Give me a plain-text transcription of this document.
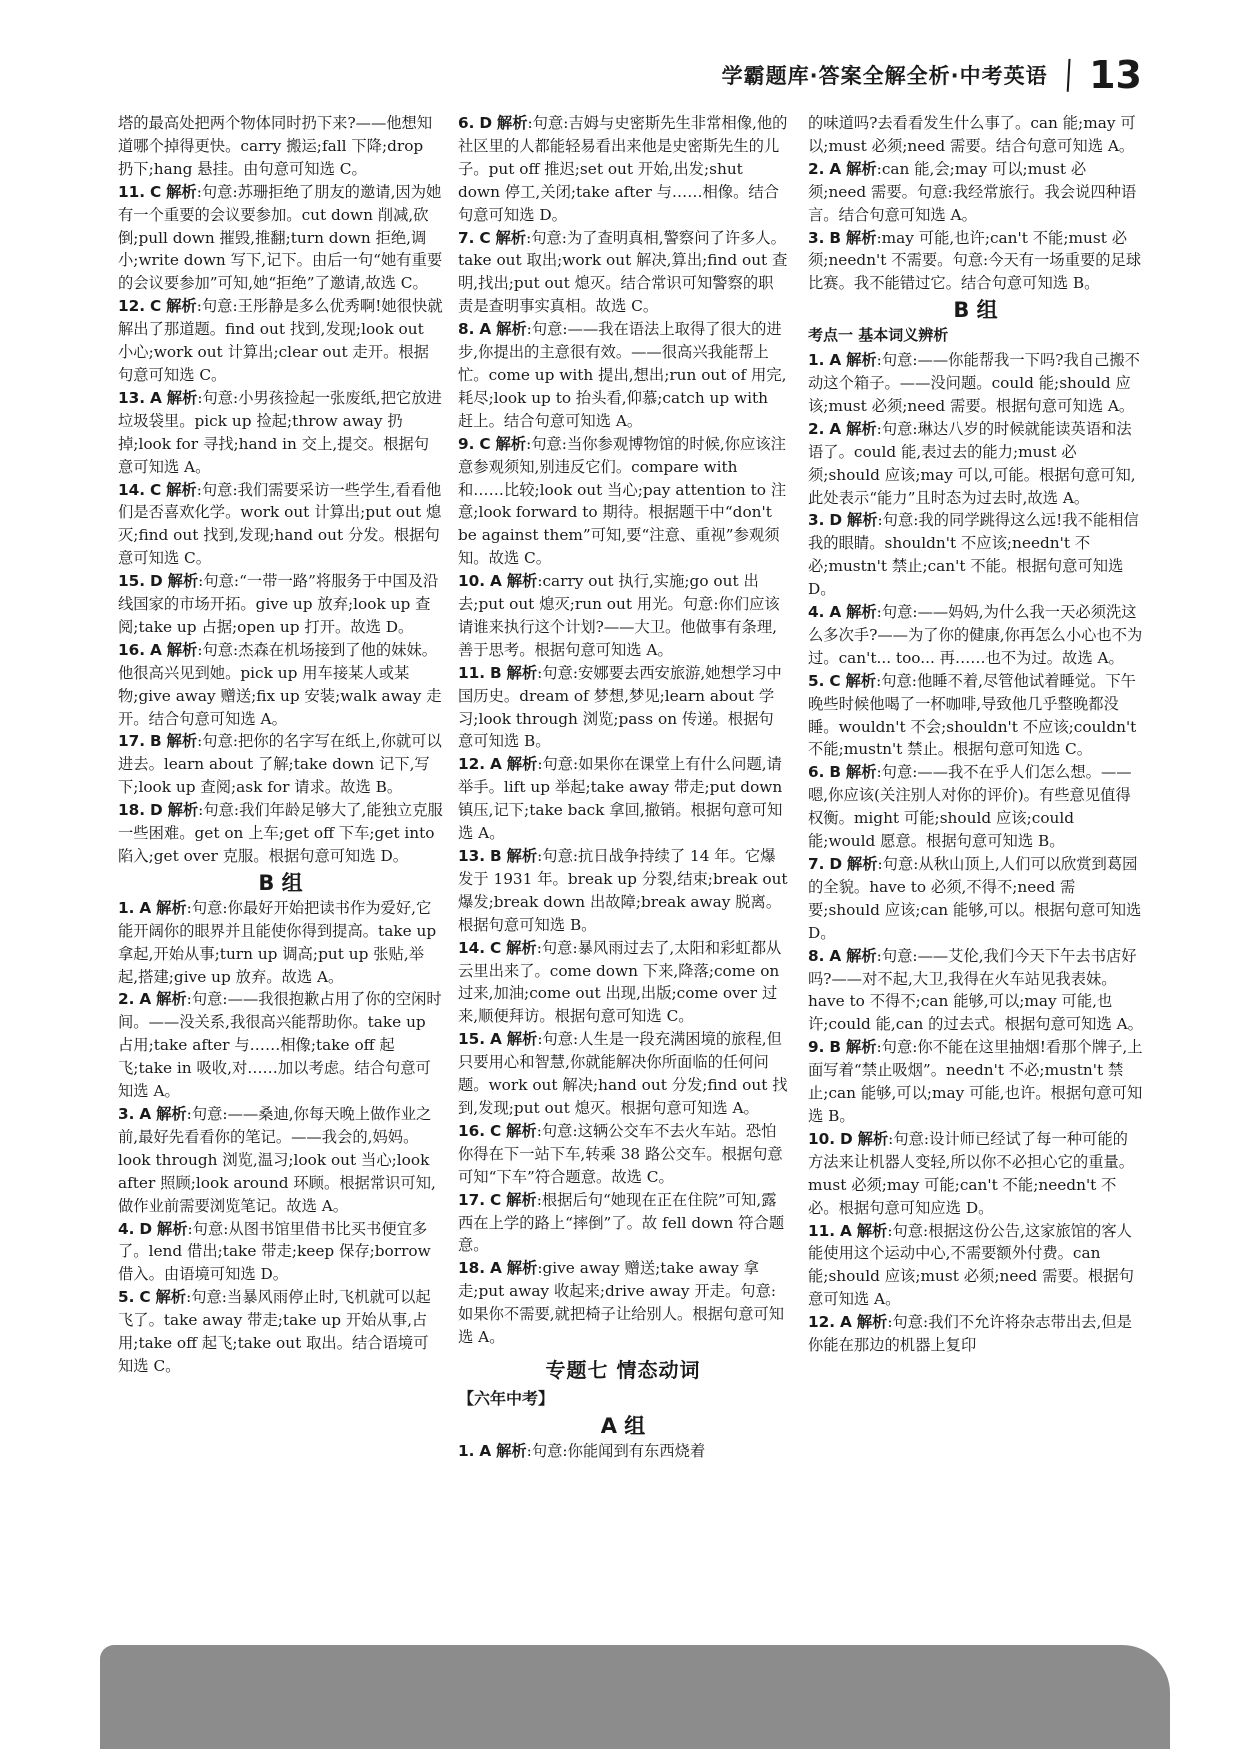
学霸题库·答案全解全析·中考英语 \ 13
塔的最高处把两个物体同时扔下来?——他想知道哪个掉得更快。carry 搬运;fall 下降;drop 扔下;hang 悬挂。由句意可知选 C。
11. C 解析:句意:苏珊拒绝了朋友的邀请,因为她有一个重要的会议要参加。cut down 削减,砍倒;pull down 摧毁,推翻;turn down 拒绝,调小;write down 写下,记下。由后一句“她有重要的会议要参加”可知,她“拒绝”了邀请,故选 C。
12. C 解析:句意:王彤静是多么优秀啊!她很快就解出了那道题。find out 找到,发现;look out 小心;work out 计算出;clear out 走开。根据句意可知选 C。
13. A 解析:句意:小男孩捡起一张废纸,把它放进垃圾袋里。pick up 捡起;throw away 扔掉;look for 寻找;hand in 交上,提交。根据句意可知选 A。
14. C 解析:句意:我们需要采访一些学生,看看他们是否喜欢化学。work out 计算出;put out 熄灭;find out 找到,发现;hand out 分发。根据句意可知选 C。
15. D 解析:句意:“一带一路”将服务于中国及沿线国家的市场开拓。give up 放弃;look up 查阅;take up 占据;open up 打开。故选 D。
16. A 解析:句意:杰森在机场接到了他的妹妹。他很高兴见到她。pick up 用车接某人或某物;give away 赠送;fix up 安装;walk away 走开。结合句意可知选 A。
17. B 解析:句意:把你的名字写在纸上,你就可以进去。learn about 了解;take down 记下,写下;look up 查阅;ask for 请求。故选 B。
18. D 解析:句意:我们年龄足够大了,能独立克服一些困难。get on 上车;get off 下车;get into 陷入;get over 克服。根据句意可知选 D。
B 组
1. A 解析:句意:你最好开始把读书作为爱好,它能开阔你的眼界并且能使你得到提高。take up 拿起,开始从事;turn up 调高;put up 张贴,举起,搭建;give up 放弃。故选 A。
2. A 解析:句意:——我很抱歉占用了你的空闲时间。——没关系,我很高兴能帮助你。take up 占用;take after 与……相像;take off 起飞;take in 吸收,对……加以考虑。结合句意可知选 A。
3. A 解析:句意:——桑迪,你每天晚上做作业之前,最好先看看你的笔记。——我会的,妈妈。look through 浏览,温习;look out 当心;look after 照顾;look around 环顾。根据常识可知,做作业前需要浏览笔记。故选 A。
4. D 解析:句意:从图书馆里借书比买书便宜多了。lend 借出;take 带走;keep 保存;borrow 借入。由语境可知选 D。
5. C 解析:句意:当暴风雨停止时,飞机就可以起飞了。take away 带走;take up 开始从事,占用;take off 起飞;take out 取出。结合语境可知选 C。
6. D 解析:句意:吉姆与史密斯先生非常相像,他的社区里的人都能轻易看出来他是史密斯先生的儿子。put off 推迟;set out 开始,出发;shut down 停工,关闭;take after 与……相像。结合句意可知选 D。
7. C 解析:句意:为了查明真相,警察问了许多人。take out 取出;work out 解决,算出;find out 查明,找出;put out 熄灭。结合常识可知警察的职责是查明事实真相。故选 C。
8. A 解析:句意:——我在语法上取得了很大的进步,你提出的主意很有效。——很高兴我能帮上忙。come up with 提出,想出;run out of 用完,耗尽;look up to 抬头看,仰慕;catch up with 赶上。结合句意可知选 A。
9. C 解析:句意:当你参观博物馆的时候,你应该注意参观须知,别违反它们。compare with 和……比较;look out 当心;pay attention to 注意;look forward to 期待。根据题干中“don't be against them”可知,要“注意、重视”参观须知。故选 C。
10. A 解析:carry out 执行,实施;go out 出去;put out 熄灭;run out 用光。句意:你们应该请谁来执行这个计划?——大卫。他做事有条理,善于思考。根据句意可知选 A。
11. B 解析:句意:安娜要去西安旅游,她想学习中国历史。dream of 梦想,梦见;learn about 学习;look through 浏览;pass on 传递。根据句意可知选 B。
12. A 解析:句意:如果你在课堂上有什么问题,请举手。lift up 举起;take away 带走;put down 镇压,记下;take back 拿回,撤销。根据句意可知选 A。
13. B 解析:句意:抗日战争持续了 14 年。它爆发于 1931 年。break up 分裂,结束;break out 爆发;break down 出故障;break away 脱离。根据句意可知选 B。
14. C 解析:句意:暴风雨过去了,太阳和彩虹都从云里出来了。come down 下来,降落;come on 过来,加油;come out 出现,出版;come over 过来,顺便拜访。根据句意可知选 C。
15. A 解析:句意:人生是一段充满困境的旅程,但只要用心和智慧,你就能解决你所面临的任何问题。work out 解决;hand out 分发;find out 找到,发现;put out 熄灭。根据句意可知选 A。
16. C 解析:句意:这辆公交车不去火车站。恐怕你得在下一站下车,转乘 38 路公交车。根据句意可知“下车”符合题意。故选 C。
17. C 解析:根据后句“她现在正在住院”可知,露西在上学的路上“摔倒”了。故 fell down 符合题意。
18. A 解析:give away 赠送;take away 拿走;put away 收起来;drive away 开走。句意:如果你不需要,就把椅子让给别人。根据句意可知选 A。
专题七 情态动词
【六年中考】
A 组
1. A 解析:句意:你能闻到有东西烧着
的味道吗?去看看发生什么事了。can 能;may 可以;must 必须;need 需要。结合句意可知选 A。
2. A 解析:can 能,会;may 可以;must 必须;need 需要。句意:我经常旅行。我会说四种语言。结合句意可知选 A。
3. B 解析:may 可能,也许;can't 不能;must 必须;needn't 不需要。句意:今天有一场重要的足球比赛。我不能错过它。结合句意可知选 B。
B 组
考点一 基本词义辨析
1. A 解析:句意:——你能帮我一下吗?我自己搬不动这个箱子。——没问题。could 能;should 应该;must 必须;need 需要。根据句意可知选 A。
2. A 解析:句意:琳达八岁的时候就能读英语和法语了。could 能,表过去的能力;must 必须;should 应该;may 可以,可能。根据句意可知,此处表示“能力”且时态为过去时,故选 A。
3. D 解析:句意:我的同学跳得这么远!我不能相信我的眼睛。shouldn't 不应该;needn't 不必;mustn't 禁止;can't 不能。根据句意可知选 D。
4. A 解析:句意:——妈妈,为什么我一天必须洗这么多次手?——为了你的健康,你再怎么小心也不为过。can't... too... 再……也不为过。故选 A。
5. C 解析:句意:他睡不着,尽管他试着睡觉。下午晚些时候他喝了一杯咖啡,导致他几乎整晚都没睡。wouldn't 不会;shouldn't 不应该;couldn't 不能;mustn't 禁止。根据句意可知选 C。
6. B 解析:句意:——我不在乎人们怎么想。——嗯,你应该(关注别人对你的评价)。有些意见值得权衡。might 可能;should 应该;could 能;would 愿意。根据句意可知选 B。
7. D 解析:句意:从秋山顶上,人们可以欣赏到葛园的全貌。have to 必须,不得不;need 需要;should 应该;can 能够,可以。根据句意可知选 D。
8. A 解析:句意:——艾伦,我们今天下午去书店好吗?——对不起,大卫,我得在火车站见我表妹。have to 不得不;can 能够,可以;may 可能,也许;could 能,can 的过去式。根据句意可知选 A。
9. B 解析:句意:你不能在这里抽烟!看那个牌子,上面写着“禁止吸烟”。needn't 不必;mustn't 禁止;can 能够,可以;may 可能,也许。根据句意可知选 B。
10. D 解析:句意:设计师已经试了每一种可能的方法来让机器人变轻,所以你不必担心它的重量。must 必须;may 可能;can't 不能;needn't 不必。根据句意可知应选 D。
11. A 解析:句意:根据这份公告,这家旅馆的客人能使用这个运动中心,不需要额外付费。can 能;should 应该;must 必须;need 需要。根据句意可知选 A。
12. A 解析:句意:我们不允许将杂志带出去,但是你能在那边的机器上复印
